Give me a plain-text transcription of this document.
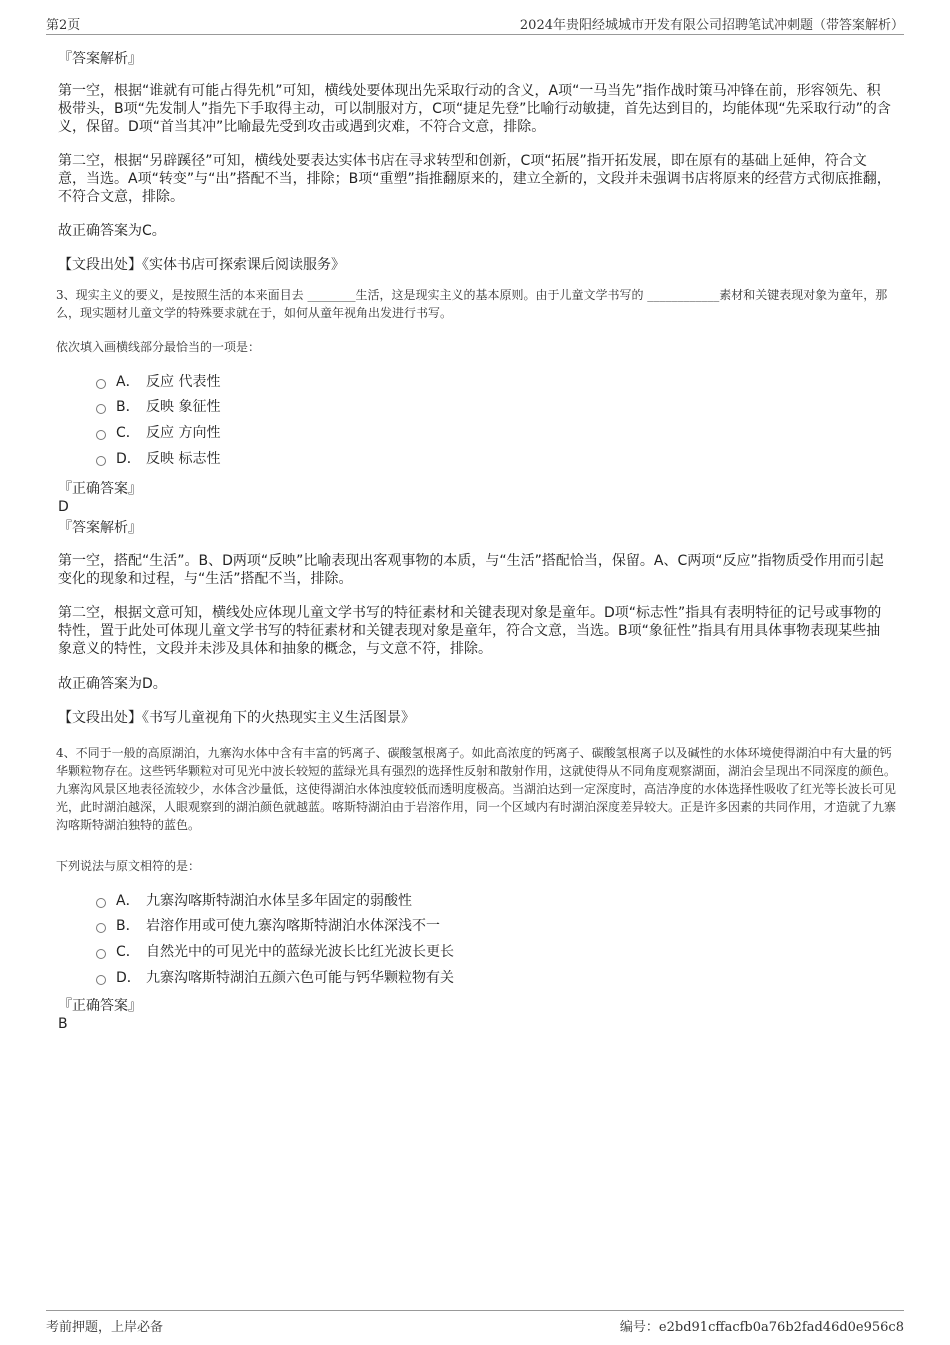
第2页	2024年贵阳经城城市开发有限公司招聘笔试冲刺题（带答案解析）
『答案解析』

第一空，根据“谁就有可能占得先机”可知，横线处要体现出先采取行动的含义，A项“一马当先”指作战时策马冲锋在前，形容领先、积极带头，B项“先发制人”指先下手取得主动，可以制服对方，C项“捷足先登”比喻行动敏捷，首先达到目的，均能体现“先采取行动”的含义，保留。D项“首当其冲”比喻最先受到攻击或遇到灾难，不符合文意，排除。

第二空，根据“另辟蹊径”可知，横线处要表达实体书店在寻求转型和创新，C项“拓展”指开拓发展，即在原有的基础上延伸，符合文意，当选。A项“转变”与“出”搭配不当，排除；B项“重塑”指推翻原来的，建立全新的，文段并未强调书店将原来的经营方式彻底推翻，不符合文意，排除。

故正确答案为C。

【文段出处】《实体书店可探索课后阅读服务》

3、现实主义的要义，是按照生活的本来面目去 ________生活，这是现实主义的基本原则。由于儿童文学书写的 ____________素材和关键表现对象为童年，那么，现实题材儿童文学的特殊要求就在于，如何从童年视角出发进行书写。

依次填入画横线部分最恰当的一项是：

A． 反应 代表性
B． 反映 象征性
C． 反应 方向性
D． 反映 标志性
『正确答案』
D
『答案解析』

第一空，搭配“生活”。B、D两项“反映”比喻表现出客观事物的本质，与“生活”搭配恰当，保留。A、C两项“反应”指物质受作用而引起变化的现象和过程，与“生活”搭配不当，排除。

第二空，根据文意可知，横线处应体现儿童文学书写的特征素材和关键表现对象是童年。D项“标志性”指具有表明特征的记号或事物的特性，置于此处可体现儿童文学书写的特征素材和关键表现对象是童年，符合文意，当选。B项“象征性”指具有用具体事物表现某些抽象意义的特性，文段并未涉及具体和抽象的概念，与文意不符，排除。

故正确答案为D。

【文段出处】《书写儿童视角下的火热现实主义生活图景》

4、不同于一般的高原湖泊，九寨沟水体中含有丰富的钙离子、碳酸氢根离子。如此高浓度的钙离子、碳酸氢根离子以及碱性的水体环境使得湖泊中有大量的钙华颗粒物存在。这些钙华颗粒对可见光中波长较短的蓝绿光具有强烈的选择性反射和散射作用，这就使得从不同角度观察湖面，湖泊会呈现出不同深度的颜色。九寨沟风景区地表径流较少，水体含沙量低，这使得湖泊水体浊度较低而透明度极高。当湖泊达到一定深度时，高洁净度的水体选择性吸收了红光等长波长可见光，此时湖泊越深，人眼观察到的湖泊颜色就越蓝。喀斯特湖泊由于岩溶作用，同一个区域内有时湖泊深度差异较大。正是许多因素的共同作用，才造就了九寨沟喀斯特湖泊独特的蓝色。

下列说法与原文相符的是：

A． 九寨沟喀斯特湖泊水体呈多年固定的弱酸性
B． 岩溶作用或可使九寨沟喀斯特湖泊水体深浅不一
C． 自然光中的可见光中的蓝绿光波长比红光波长更长
D． 九寨沟喀斯特湖泊五颜六色可能与钙华颗粒物有关
『正确答案』
B
考前押题，上岸必备	编号：e2bd91cffacfb0a76b2fad46d0e956c8
